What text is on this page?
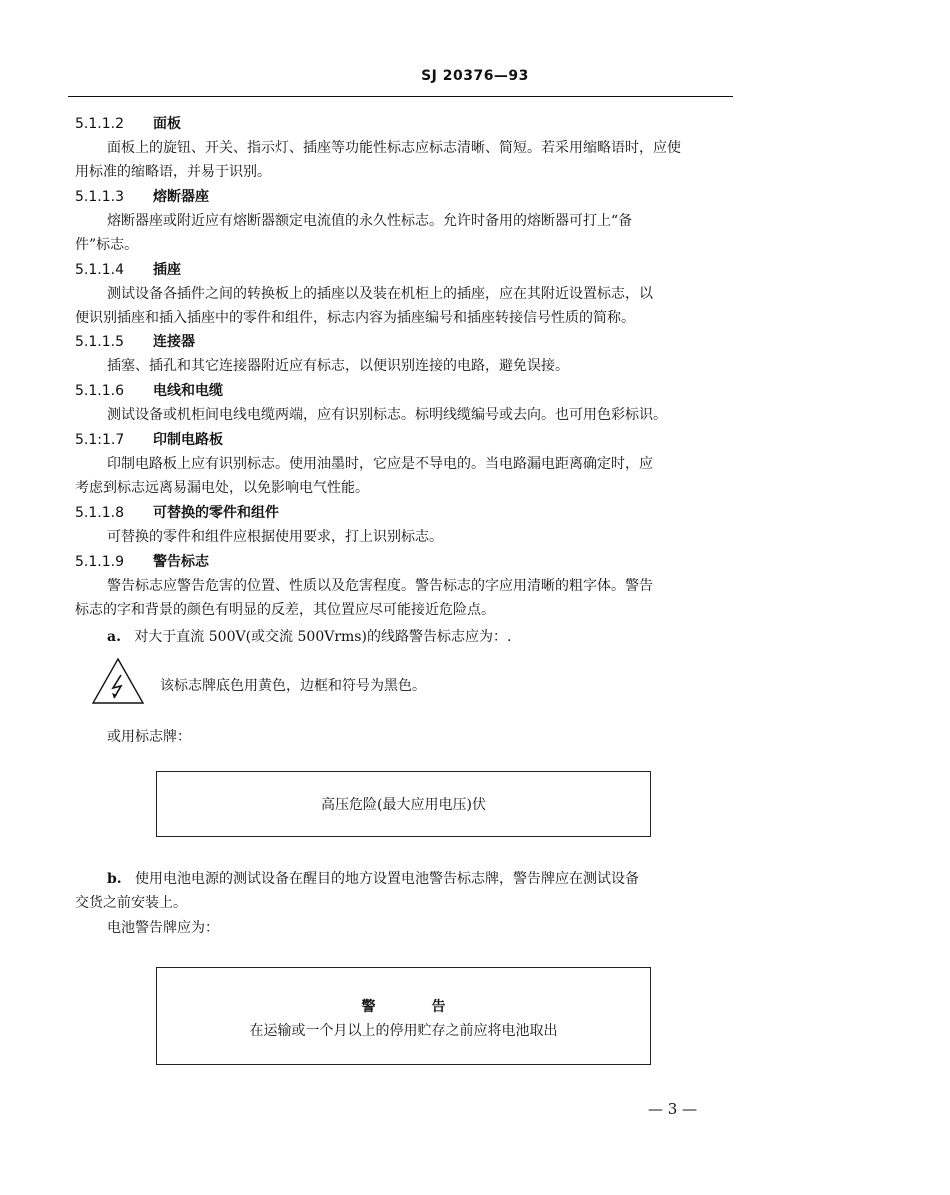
SJ 20376—93
5.1.1.2 面板
面板上的旋钮、开关、指示灯、插座等功能性标志应标志清晰、简短。若采用缩略语时，应使
用标准的缩略语，并易于识别。
5.1.1.3 熔断器座
熔断器座或附近应有熔断器额定电流值的永久性标志。允许时备用的熔断器可打上“备
件”标志。
5.1.1.4 插座
测试设备各插件之间的转换板上的插座以及装在机柜上的插座，应在其附近设置标志，以
便识别插座和插入插座中的零件和组件，标志内容为插座编号和插座转接信号性质的简称。
5.1.1.5 连接器
插塞、插孔和其它连接器附近应有标志，以便识别连接的电路，避免误接。
5.1.1.6 电线和电缆
测试设备或机柜间电线电缆两端，应有识别标志。标明线缆编号或去向。也可用色彩标识。
5.1:1.7 印制电路板
印制电路板上应有识别标志。使用油墨时，它应是不导电的。当电路漏电距离确定时，应
考虑到标志远离易漏电处，以免影响电气性能。
5.1.1.8 可替换的零件和组件
可替换的零件和组件应根据使用要求，打上识别标志。
5.1.1.9 警告标志
警告标志应警告危害的位置、性质以及危害程度。警告标志的字应用清晰的粗字体。警告
标志的字和背景的颜色有明显的反差，其位置应尽可能接近危险点。
a. 对大于直流 500V(或交流 500Vrms)的线路警告标志应为：.
该标志牌底色用黄色，边框和符号为黑色。
或用标志牌：
高压危险(最大应用电压)伏
b. 使用电池电源的测试设备在醒目的地方设置电池警告标志牌，警告牌应在测试设备
交货之前安装上。
电池警告牌应为：
警	告
在运输或一个月以上的停用贮存之前应将电池取出
— 3 —
